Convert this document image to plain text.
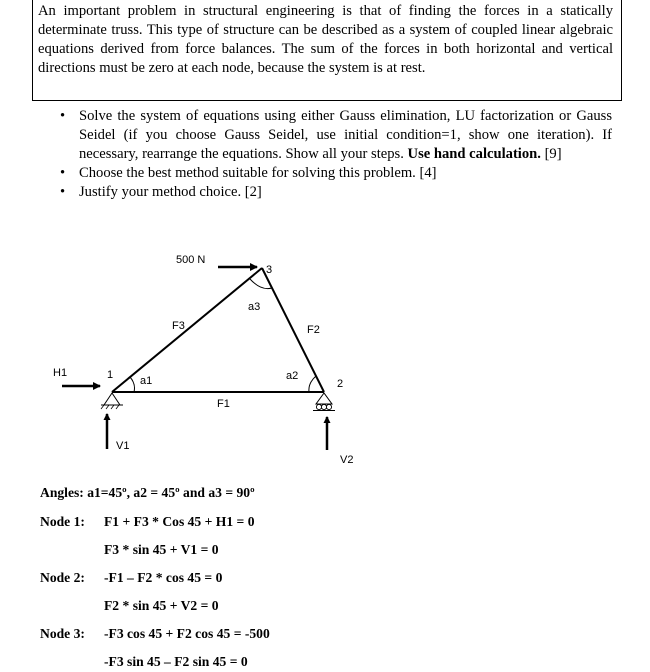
An important problem in structural engineering is that of finding the forces in a statically determinate truss. This type of structure can be described as a system of coupled linear algebraic equations derived from force balances. The sum of the forces in both horizontal and vertical directions must be zero at each node, because the system is at rest.

• Solve the system of equations using either Gauss elimination, LU factorization or Gauss Seidel (if you choose Gauss Seidel, use initial condition=1, show one iteration). If necessary, rearrange the equations. Show all your steps. Use hand calculation. [9]
• Choose the best method suitable for solving this problem. [4]
• Justify your method choice. [2]
500 N
3
a3
F3	F2
H1	1 a1	a2
2
F1
V1
V2
Angles: a1=45º, a2 = 45º and a3 = 90º
Node 1: F1 + F3 * Cos 45 + H1 = 0
F3 * sin 45 + V1 = 0
Node 2: -F1 – F2 * cos 45 = 0
F2 * sin 45 + V2 = 0
Node 3: -F3 cos 45 + F2 cos 45 = -500
-F3 sin 45 – F2 sin 45 = 0
